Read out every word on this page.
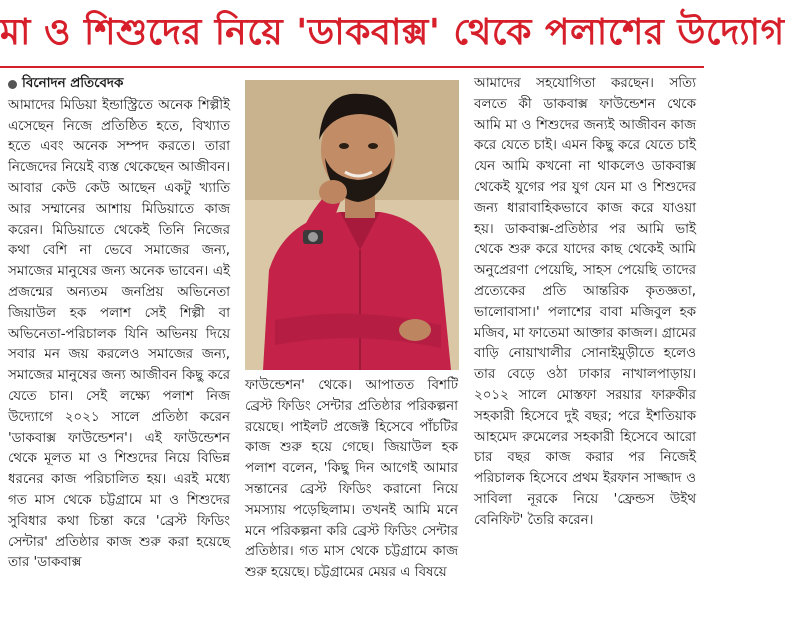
মা ও শিশুদের নিয়ে 'ডাকবাক্স' থেকে পলাশের উদ্যোগ
বিনোদন প্রতিবেদক

আমাদের মিডিয়া ইন্ডাস্ট্রিতে অনেক শিল্পীই এসেছেন নিজে প্রতিষ্ঠিত হতে, বিখ্যাত হতে এবং অনেক সম্পদ করতে। তারা নিজেদের নিয়েই ব্যস্ত থেকেছেন আজীবন। আবার কেউ কেউ আছেন একটু খ্যাতি আর সম্মানের আশায় মিডিয়াতে কাজ করেন। মিডিয়াতে থেকেই তিনি নিজের কথা বেশি না ভেবে সমাজের জন্য, সমাজের মানুষের জন্য অনেক ভাবেন। এই প্রজন্মের অন্যতম জনপ্রিয় অভিনেতা জিয়াউল হক পলাশ সেই শিল্পী বা অভিনেতা-পরিচালক যিনি অভিনয় দিয়ে সবার মন জয় করলেও সমাজের জন্য, সমাজের মানুষের জন্য আজীবন কিছু করে যেতে চান। সেই লক্ষ্যে পলাশ নিজ উদ্যোগে ২০২১ সালে প্রতিষ্ঠা করেন 'ডাকবাক্স ফাউন্ডেশন'। এই ফাউন্ডেশন থেকে মূলত মা ও শিশুদের নিয়ে বিভিন্ন ধরনের কাজ পরিচালিত হয়। এরই মধ্যে গত মাস থেকে চট্টগ্রামে মা ও শিশুদের সুবিধার কথা চিন্তা করে 'ব্রেস্ট ফিডিং সেন্টার' প্রতিষ্ঠার কাজ শুরু করা হয়েছে তার 'ডাকবাক্স

ফাউন্ডেশন' থেকে। আপাতত বিশটি ব্রেস্ট ফিডিং সেন্টার প্রতিষ্ঠার পরিকল্পনা রয়েছে। পাইলট প্রজেক্ট হিসেবে পাঁচটির কাজ শুরু হয়ে গেছে। জিয়াউল হক পলাশ বলেন, 'কিছু দিন আগেই আমার সন্তানের ব্রেস্ট ফিডিং করানো নিয়ে সমস্যায় পড়েছিলাম। তখনই আমি মনে মনে পরিকল্পনা করি ব্রেস্ট ফিডিং সেন্টার প্রতিষ্ঠার। গত মাস থেকে চট্টগ্রামে কাজ শুরু হয়েছে। চট্টগ্রামের মেয়র এ বিষয়ে

আমাদের সহযোগিতা করছেন। সত্যি বলতে কী ডাকবাক্স ফাউন্ডেশন থেকে আমি মা ও শিশুদের জন্যই আজীবন কাজ করে যেতে চাই। এমন কিছু করে যেতে চাই যেন আমি কখনো না থাকলেও ডাকবাক্স থেকেই যুগের পর যুগ যেন মা ও শিশুদের জন্য ধারাবাহিকভাবে কাজ করে যাওয়া হয়। ডাকবাক্স-প্রতিষ্ঠার পর আমি ভাই থেকে শুরু করে যাদের কাছ থেকেই আমি অনুপ্রেরণা পেয়েছি, সাহস পেয়েছি তাদের প্রত্যেকের প্রতি আন্তরিক কৃতজ্ঞতা, ভালোবাসা।' পলাশের বাবা মজিবুল হক মজিব, মা ফাতেমা আক্তার কাজল। গ্রামের বাড়ি নোয়াখালীর সোনাইমুড়ীতে হলেও তার বেড়ে ওঠা ঢাকার নাখালপাড়ায়। ২০১২ সালে মোস্তফা সরয়ার ফারুকীর সহকারী হিসেবে দুই বছর; পরে ইশতিয়াক আহমেদ রুমেলের সহকারী হিসেবে আরো চার বছর কাজ করার পর নিজেই পরিচালক হিসেবে প্রথম ইরফান সাজ্জাদ ও সাবিলা নূরকে নিয়ে 'ফ্রেন্ডস উইথ বেনিফিট' তৈরি করেন।
